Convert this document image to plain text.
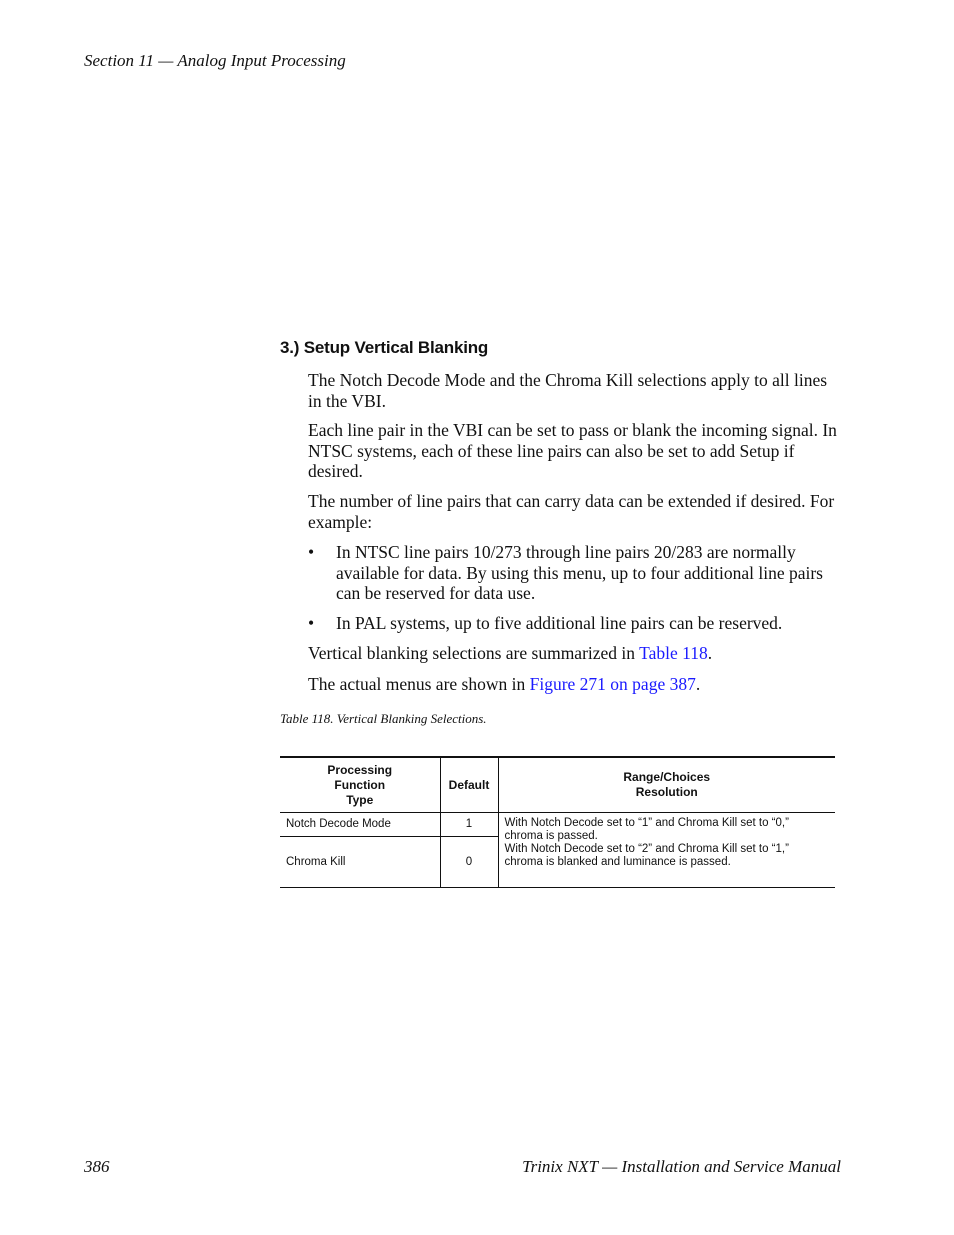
Section 11 — Analog Input Processing
3.) Setup Vertical Blanking

The Notch Decode Mode and the Chroma Kill selections apply to all lines in the VBI.

Each line pair in the VBI can be set to pass or blank the incoming signal. In NTSC systems, each of these line pairs can also be set to add Setup if desired.

The number of line pairs that can carry data can be extended if desired. For example:

• In NTSC line pairs 10/273 through line pairs 20/283 are normally available for data. By using this menu, up to four additional line pairs can be reserved for data use.
• In PAL systems, up to five additional line pairs can be reserved.

Vertical blanking selections are summarized in Table 118.

The actual menus are shown in Figure 271 on page 387.

Table 118. Vertical Blanking Selections.
Processing
Function
Type	Default	Range/Choices
Resolution
Notch Decode Mode	1	With Notch Decode set to “1” and Chroma Kill set to “0,” chroma is passed.
With Notch Decode set to “2” and Chroma Kill set to “1,” chroma is blanked and luminance is passed.
Chroma Kill	0	
386	Trinix NXT — Installation and Service Manual
